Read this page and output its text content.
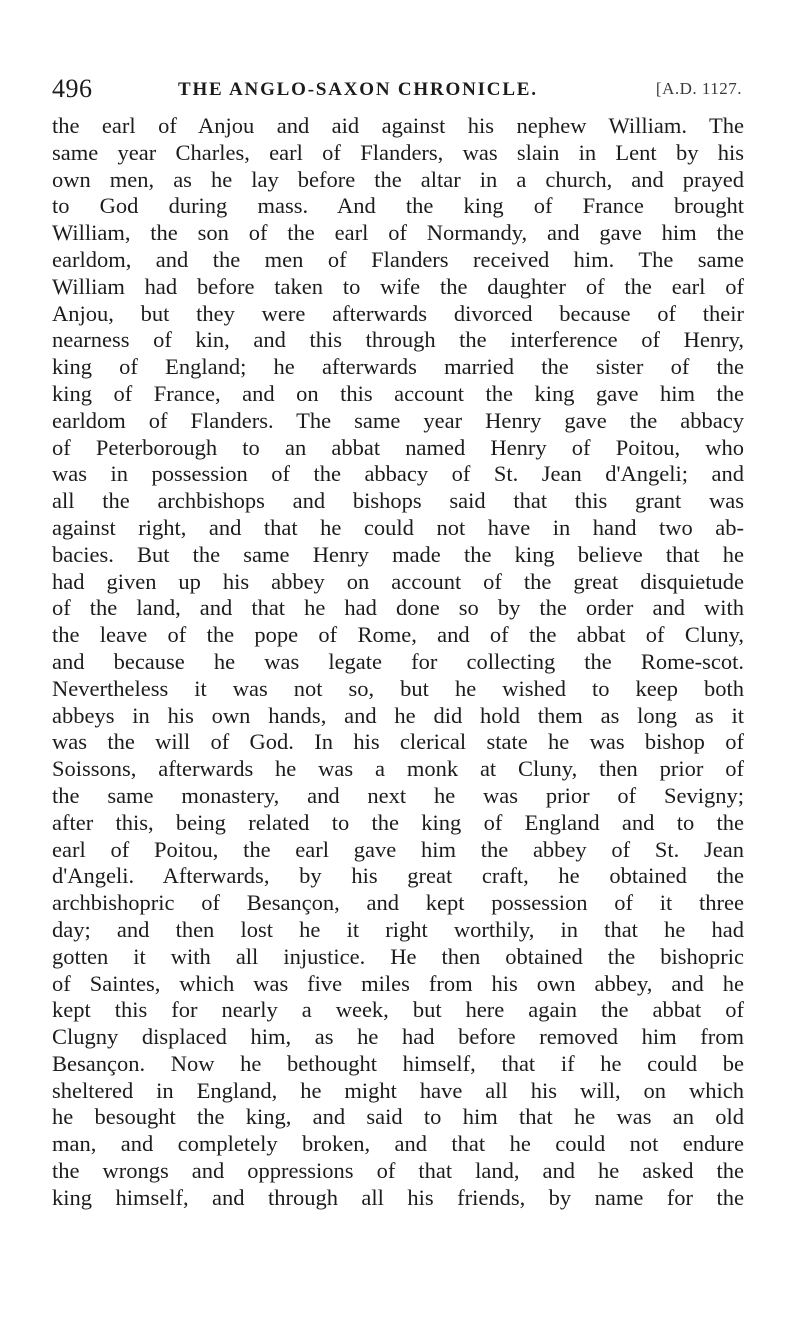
496	THE ANGLO-SAXON CHRONICLE.	[A.D. 1127.
the earl of Anjou and aid against his nephew William. The
same year Charles, earl of Flanders, was slain in Lent by his
own men, as he lay before the altar in a church, and prayed
to God during mass. And the king of France brought
William, the son of the earl of Normandy, and gave him the
earldom, and the men of Flanders received him. The same
William had before taken to wife the daughter of the earl of
Anjou, but they were afterwards divorced because of their
nearness of kin, and this through the interference of Henry,
king of England; he afterwards married the sister of the
king of France, and on this account the king gave him the
earldom of Flanders. The same year Henry gave the abbacy
of Peterborough to an abbat named Henry of Poitou, who
was in possession of the abbacy of St. Jean d'Angeli; and
all the archbishops and bishops said that this grant was
against right, and that he could not have in hand two ab-
bacies. But the same Henry made the king believe that he
had given up his abbey on account of the great disquietude
of the land, and that he had done so by the order and with
the leave of the pope of Rome, and of the abbat of Cluny,
and because he was legate for collecting the Rome-scot.
Nevertheless it was not so, but he wished to keep both
abbeys in his own hands, and he did hold them as long as it
was the will of God. In his clerical state he was bishop of
Soissons, afterwards he was a monk at Cluny, then prior of
the same monastery, and next he was prior of Sevigny;
after this, being related to the king of England and to the
earl of Poitou, the earl gave him the abbey of St. Jean
d'Angeli. Afterwards, by his great craft, he obtained the
archbishopric of Besançon, and kept possession of it three
day; and then lost he it right worthily, in that he had
gotten it with all injustice. He then obtained the bishopric
of Saintes, which was five miles from his own abbey, and he
kept this for nearly a week, but here again the abbat of
Clugny displaced him, as he had before removed him from
Besançon. Now he bethought himself, that if he could be
sheltered in England, he might have all his will, on which
he besought the king, and said to him that he was an old
man, and completely broken, and that he could not endure
the wrongs and oppressions of that land, and he asked the
king himself, and through all his friends, by name for the
